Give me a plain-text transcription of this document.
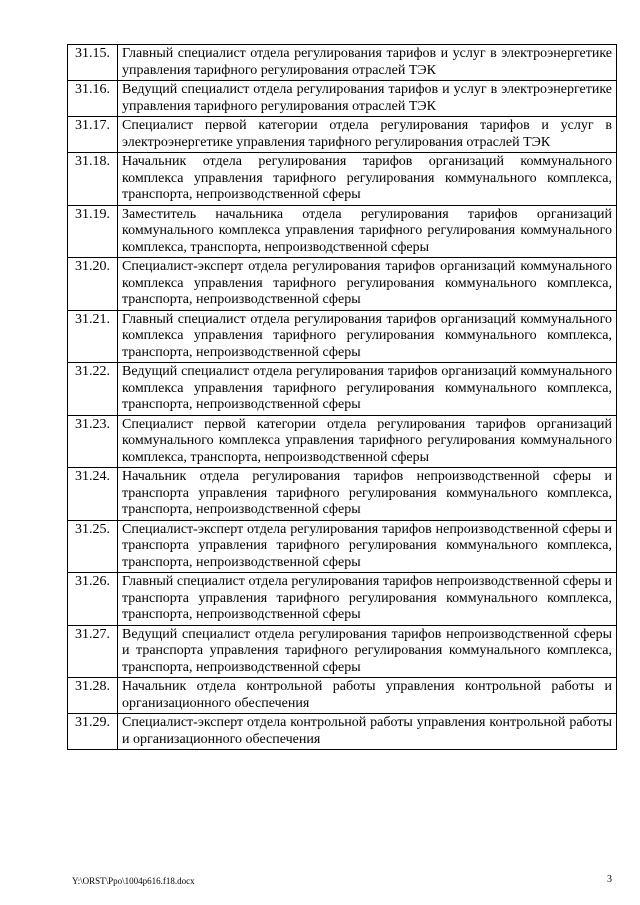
31.15.	Главный специалист отдела регулирования тарифов и услуг в электроэнергетике управления тарифного регулирования отраслей ТЭК
31.16.	Ведущий специалист отдела регулирования тарифов и услуг в электроэнергетике управления тарифного регулирования отраслей ТЭК
31.17.	Специалист первой категории отдела регулирования тарифов и услуг в электроэнергетике управления тарифного регулирования отраслей ТЭК
31.18.	Начальник отдела регулирования тарифов организаций коммунального комплекса управления тарифного регулирования коммунального комплекса, транспорта, непроизводственной сферы
31.19.	Заместитель начальника отдела регулирования тарифов организаций коммунального комплекса управления тарифного регулирования коммунального комплекса, транспорта, непроизводственной сферы
31.20.	Специалист-эксперт отдела регулирования тарифов организаций коммунального комплекса управления тарифного регулирования коммунального комплекса, транспорта, непроизводственной сферы
31.21.	Главный специалист отдела регулирования тарифов организаций коммунального комплекса управления тарифного регулирования коммунального комплекса, транспорта, непроизводственной сферы
31.22.	Ведущий специалист отдела регулирования тарифов организаций коммунального комплекса управления тарифного регулирования коммунального комплекса, транспорта, непроизводственной сферы
31.23.	Специалист первой категории отдела регулирования тарифов организаций коммунального комплекса управления тарифного регулирования коммунального комплекса, транспорта, непроизводственной сферы
31.24.	Начальник отдела регулирования тарифов непроизводственной сферы и транспорта управления тарифного регулирования коммунального комплекса, транспорта, непроизводственной сферы
31.25.	Специалист-эксперт отдела регулирования тарифов непроизводственной сферы и транспорта управления тарифного регулирования коммунального комплекса, транспорта, непроизводственной сферы
31.26.	Главный специалист отдела регулирования тарифов непроизводственной сферы и транспорта управления тарифного регулирования коммунального комплекса, транспорта, непроизводственной сферы
31.27.	Ведущий специалист отдела регулирования тарифов непроизводственной сферы и транспорта управления тарифного регулирования коммунального комплекса, транспорта, непроизводственной сферы
31.28.	Начальник отдела контрольной работы управления контрольной работы и организационного обеспечения
31.29.	Специалист-эксперт отдела контрольной работы управления контрольной работы и организационного обеспечения
Y:\ORST\Ppo\1004p616.f18.docx	3
